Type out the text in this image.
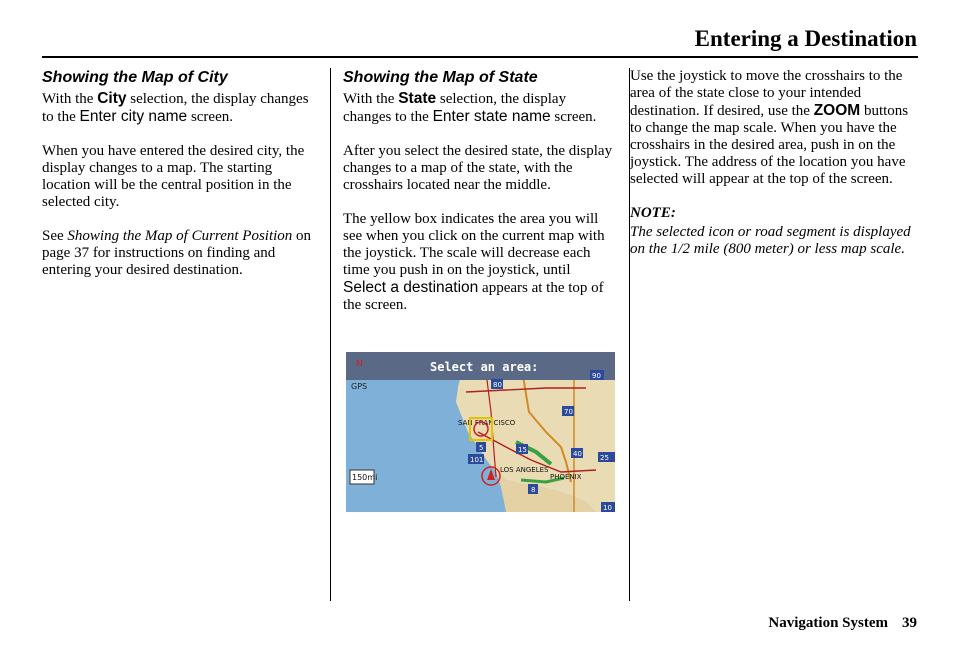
Entering a Destination
Showing the Map of City

With the City selection, the display changes to the Enter city name screen.

When you have entered the desired city, the display changes to a map. The starting location will be the central position in the selected city.

See Showing the Map of Current Position on page 37 for instructions on finding and entering your desired destination.

Showing the Map of State

With the State selection, the display changes to the Enter state name screen.

After you select the desired state, the display changes to a map of the state, with the crosshairs located near the middle.

The yellow box indicates the area you will see when you click on the current map with the joystick. The scale will decrease each time you push in on the joystick, until Select a destination appears at the top of the screen.

Select an area:
N
GPS
150mi
SAN FRANCISCO
LOS ANGELES
PHOENIX
80
5	15
70
40
101
8
10
90
25

Use the joystick to move the crosshairs to the area of the state close to your intended destination. If desired, use the ZOOM buttons to change the map scale. When you have the crosshairs in the desired area, push in on the joystick. The address of the location you have selected will appear at the top of the screen.

NOTE:
The selected icon or road segment is displayed on the 1/2 mile (800 meter) or less map scale.
Navigation System 39
